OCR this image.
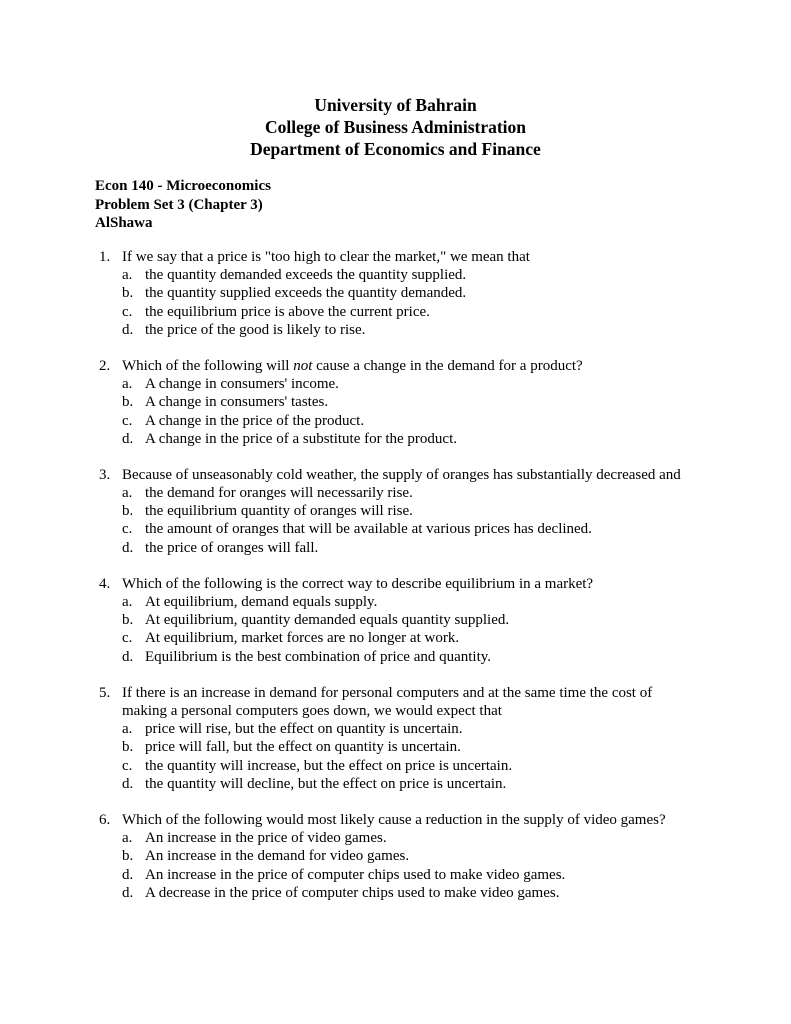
University of Bahrain
College of Business Administration
Department of Economics and Finance
Econ 140 - Microeconomics
Problem Set 3 (Chapter 3)
AlShawa
1. If we say that a price is "too high to clear the market," we mean that
a. the quantity demanded exceeds the quantity supplied.
b. the quantity supplied exceeds the quantity demanded.
c. the equilibrium price is above the current price.
d. the price of the good is likely to rise.
2. Which of the following will not cause a change in the demand for a product?
a. A change in consumers' income.
b. A change in consumers' tastes.
c. A change in the price of the product.
d. A change in the price of a substitute for the product.
3. Because of unseasonably cold weather, the supply of oranges has substantially decreased and
a. the demand for oranges will necessarily rise.
b. the equilibrium quantity of oranges will rise.
c. the amount of oranges that will be available at various prices has declined.
d. the price of oranges will fall.
4. Which of the following is the correct way to describe equilibrium in a market?
a. At equilibrium, demand equals supply.
b. At equilibrium, quantity demanded equals quantity supplied.
c. At equilibrium, market forces are no longer at work.
d. Equilibrium is the best combination of price and quantity.
5. If there is an increase in demand for personal computers and at the same time the cost of
making a personal computers goes down, we would expect that
a. price will rise, but the effect on quantity is uncertain.
b. price will fall, but the effect on quantity is uncertain.
c. the quantity will increase, but the effect on price is uncertain.
d. the quantity will decline, but the effect on price is uncertain.
6. Which of the following would most likely cause a reduction in the supply of video games?
a. An increase in the price of video games.
b. An increase in the demand for video games.
d. An increase in the price of computer chips used to make video games.
d. A decrease in the price of computer chips used to make video games.
